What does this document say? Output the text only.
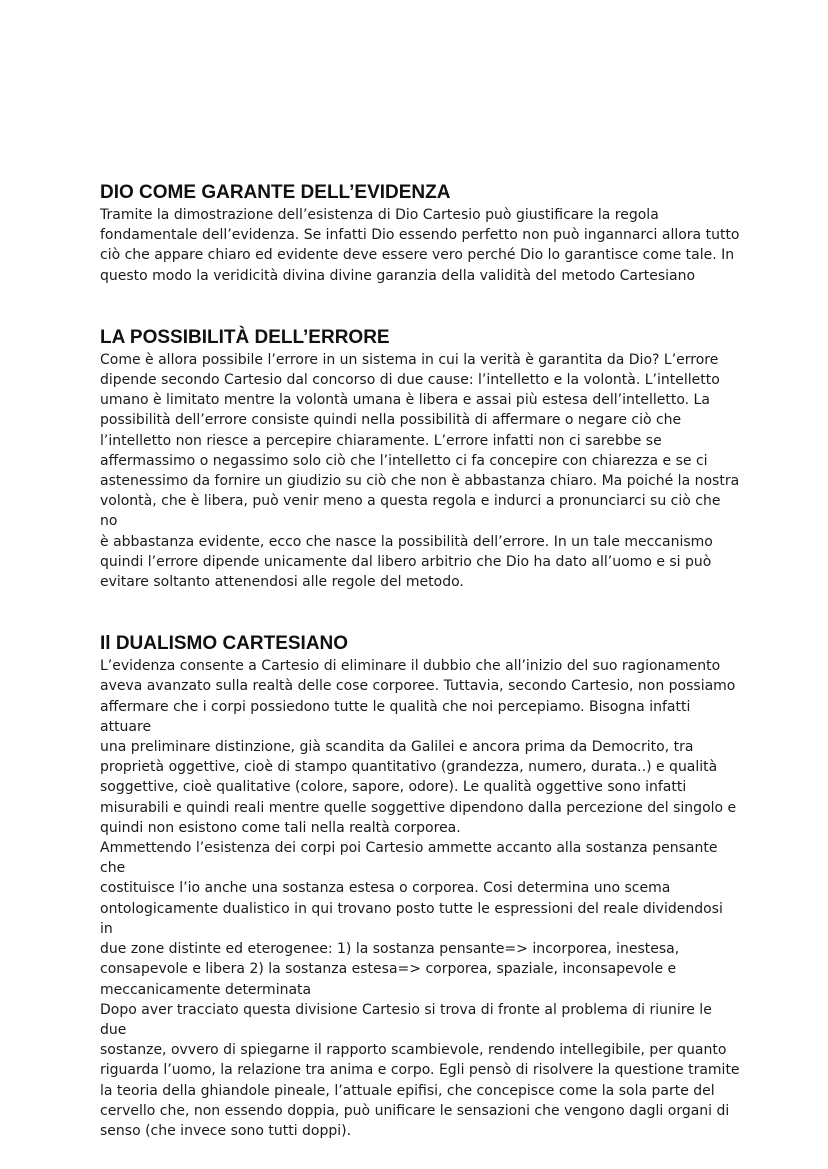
DIO COME GARANTE DELL’EVIDENZA

Tramite la dimostrazione dell’esistenza di Dio Cartesio può giustificare la regola
fondamentale dell’evidenza. Se infatti Dio essendo perfetto non può ingannarci allora tutto
ciò che appare chiaro ed evidente deve essere vero perché Dio lo garantisce come tale. In
questo modo la veridicità divina divine garanzia della validità del metodo Cartesiano

LA POSSIBILITÀ DELL’ERRORE

Come è allora possibile l’errore in un sistema in cui la verità è garantita da Dio? L’errore
dipende secondo Cartesio dal concorso di due cause: l’intelletto e la volontà. L’intelletto
umano è limitato mentre la volontà umana è libera e assai più estesa dell’intelletto. La
possibilità dell’errore consiste quindi nella possibilità di affermare o negare ciò che
l’intelletto non riesce a percepire chiaramente. L’errore infatti non ci sarebbe se
affermassimo o negassimo solo ciò che l’intelletto ci fa concepire con chiarezza e se ci
astenessimo da fornire un giudizio su ciò che non è abbastanza chiaro. Ma poiché la nostra
volontà, che è libera, può venir meno a questa regola e indurci a pronunciarci su ciò che no
è abbastanza evidente, ecco che nasce la possibilità dell’errore. In un tale meccanismo
quindi l’errore dipende unicamente dal libero arbitrio che Dio ha dato all’uomo e si può
evitare soltanto attenendosi alle regole del metodo.

Il DUALISMO CARTESIANO

L’evidenza consente a Cartesio di eliminare il dubbio che all’inizio del suo ragionamento
aveva avanzato sulla realtà delle cose corporee. Tuttavia, secondo Cartesio, non possiamo
affermare che i corpi possiedono tutte le qualità che noi percepiamo. Bisogna infatti attuare
una preliminare distinzione, già scandita da Galilei e ancora prima da Democrito, tra
proprietà oggettive, cioè di stampo quantitativo (grandezza, numero, durata..) e qualità
soggettive, cioè qualitative (colore, sapore, odore). Le qualità oggettive sono infatti
misurabili e quindi reali mentre quelle soggettive dipendono dalla percezione del singolo e
quindi non esistono come tali nella realtà corporea.
Ammettendo l’esistenza dei corpi poi Cartesio ammette accanto alla sostanza pensante che
costituisce l’io anche una sostanza estesa o corporea. Cosi determina uno scema
ontologicamente dualistico in qui trovano posto tutte le espressioni del reale dividendosi in
due zone distinte ed eterogenee: 1) la sostanza pensante=> incorporea, inestesa,
consapevole e libera 2) la sostanza estesa=> corporea, spaziale, inconsapevole e
meccanicamente determinata
Dopo aver tracciato questa divisione Cartesio si trova di fronte al problema di riunire le due
sostanze, ovvero di spiegarne il rapporto scambievole, rendendo intellegibile, per quanto
riguarda l’uomo, la relazione tra anima e corpo. Egli pensò di risolvere la questione tramite
la teoria della ghiandole pineale, l’attuale epifisi, che concepisce come la sola parte del
cervello che, non essendo doppia, può unificare le sensazioni che vengono dagli organi di
senso (che invece sono tutti doppi).
